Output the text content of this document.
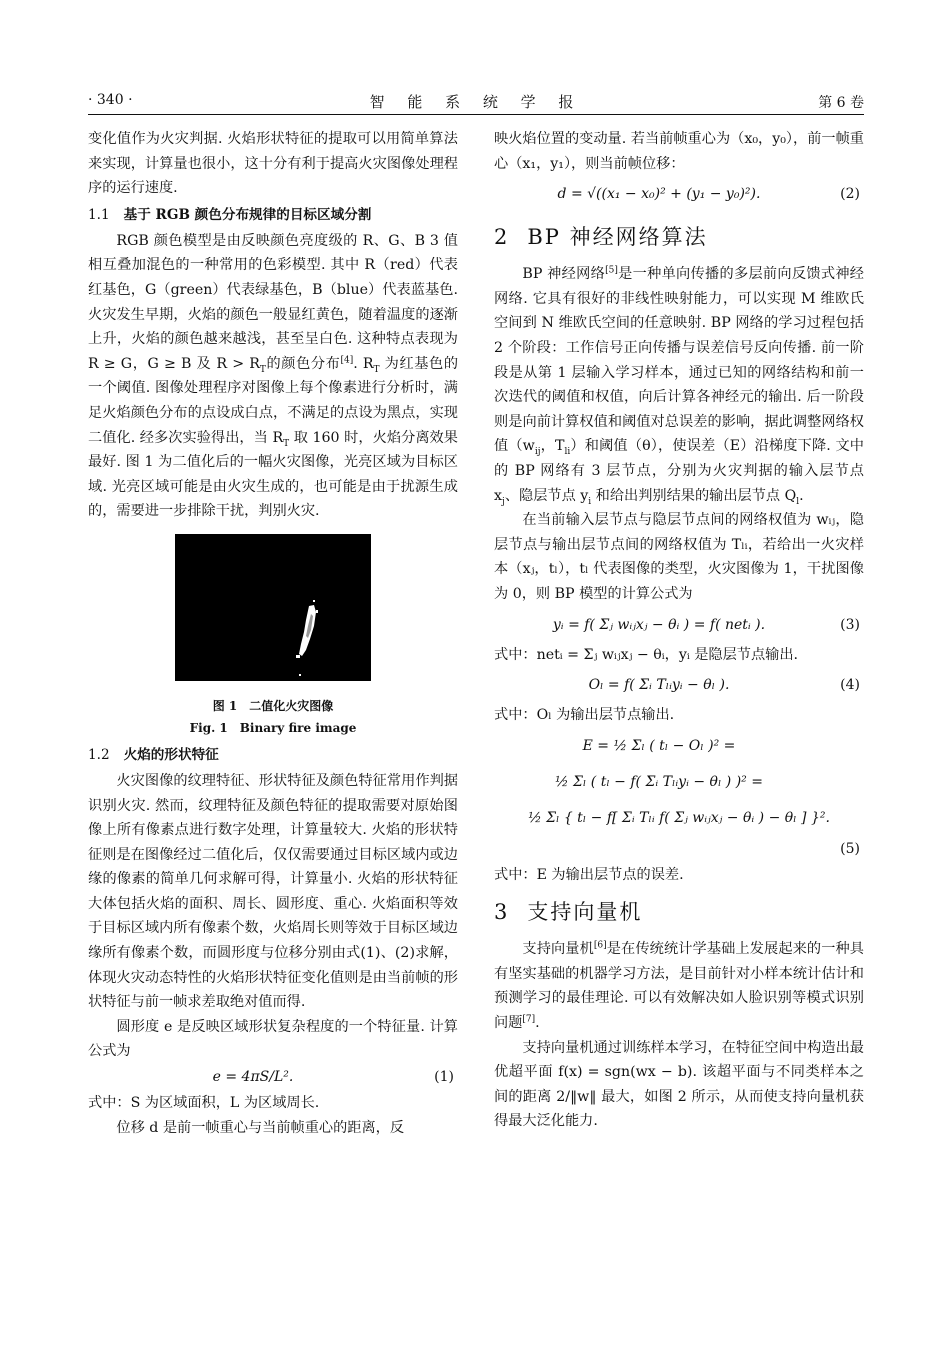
· 340 ·	智 能 系 统 学 报	第 6 卷

变化值作为火灾判据. 火焰形状特征的提取可以用简单算法来实现，计算量也很小，这十分有利于提高火灾图像处理程序的运行速度.

1.1 基于 RGB 颜色分布规律的目标区域分割

RGB 颜色模型是由反映颜色亮度级的 R、G、B 3 值相互叠加混色的一种常用的色彩模型. 其中 R（red）代表红基色，G（green）代表绿基色，B（blue）代表蓝基色. 火灾发生早期，火焰的颜色一般显红黄色，随着温度的逐渐上升，火焰的颜色越来越浅，甚至呈白色. 这种特点表现为 R ≥ G，G ≥ B 及 $R > R_T$的颜色分布[4]. $R_T$ 为红基色的一个阈值. 图像处理程序对图像上每个像素进行分析时，满足火焰颜色分布的点设成白点，不满足的点设为黑点，实现二值化. 经多次实验得出，当 $R_T$ 取 160 时，火焰分离效果最好. 图 1 为二值化后的一幅火灾图像，光亮区域为目标区域. 光亮区域可能是由火灾生成的，也可能是由于扰源生成的，需要进一步排除干扰，判别火灾.

图 1　二值化火灾图像
Fig. 1　Binary fire image
1.2 火焰的形状特征

火灾图像的纹理特征、形状特征及颜色特征常用作判据识别火灾. 然而，纹理特征及颜色特征的提取需要对原始图像上所有像素点进行数字处理，计算量较大. 火焰的形状特征则是在图像经过二值化后，仅仅需要通过目标区域内或边缘的像素的简单几何求解可得，计算量小. 火焰的形状特征大体包括火焰的面积、周长、圆形度、重心. 火焰面积等效于目标区域内所有像素个数，火焰周长则等效于目标区域边缘所有像素个数，而圆形度与位移分别由式(1)、(2)求解，体现火灾动态特性的火焰形状特征变化值则是由当前帧的形状特征与前一帧求差取绝对值而得.

圆形度 e 是反映区域形状复杂程度的一个特征量. 计算公式为

e = 4πS/L².	(1)

式中：S 为区域面积，L 为区域周长.

位移 d 是前一帧重心与当前帧重心的距离，反

映火焰位置的变动量. 若当前帧重心为（x₀，y₀），前一帧重心（x₁，y₁），则当前帧位移：

d = √((x₁ − x₀)² + (y₁ − y₀)²).	(2)
2 BP 神经网络算法

BP 神经网络[5]是一种单向传播的多层前向反馈式神经网络. 它具有很好的非线性映射能力，可以实现 M 维欧氏空间到 N 维欧氏空间的任意映射. BP 网络的学习过程包括 2 个阶段：工作信号正向传播与误差信号反向传播. 前一阶段是从第 1 层输入学习样本，通过已知的网络结构和前一次迭代的阈值和权值，向后计算各神经元的输出. 后一阶段则是向前计算权值和阈值对总误差的影响，据此调整网络权值（$w_{ij}$，$T_{li}$）和阈值（θ），使误差（E）沿梯度下降. 文中的 BP 网络有 3 层节点，分别为火灾判据的输入层节点 $x_j$、隐层节点 $y_i$ 和给出判别结果的输出层节点 $Q_l$.

在当前输入层节点与隐层节点间的网络权值为 wᵢⱼ，隐层节点与输出层节点间的网络权值为 Tₗᵢ，若给出一火灾样本（xⱼ，tₗ），tₗ 代表图像的类型，火灾图像为 1，干扰图像为 0，则 BP 模型的计算公式为

yᵢ = f( Σⱼ wᵢⱼxⱼ − θᵢ ) = f( netᵢ ).	(3)

式中：netᵢ = Σⱼ wᵢⱼxⱼ − θᵢ，yᵢ 是隐层节点输出.

Oₗ = f( Σᵢ Tₗᵢyᵢ − θₗ ).	(4)

式中：Oₗ 为输出层节点输出.

E = ½ Σₗ ( tₗ − Oₗ )² =
½ Σₗ ( tₗ − f( Σᵢ Tₗᵢyᵢ − θₗ ) )² =
½ Σₗ { tₗ − f[ Σᵢ Tₗᵢ f( Σⱼ wᵢⱼxⱼ − θᵢ ) − θₗ ] }².
(5)

式中：E 为输出层节点的误差.

3 支持向量机

支持向量机[6]是在传统统计学基础上发展起来的一种具有坚实基础的机器学习方法，是目前针对小样本统计估计和预测学习的最佳理论. 可以有效解决如人脸识别等模式识别问题[7].

支持向量机通过训练样本学习，在特征空间中构造出最优超平面 f(x) = sgn(wx − b). 该超平面与不同类样本之间的距离 2/‖w‖ 最大，如图 2 所示，从而使支持向量机获得最大泛化能力.
